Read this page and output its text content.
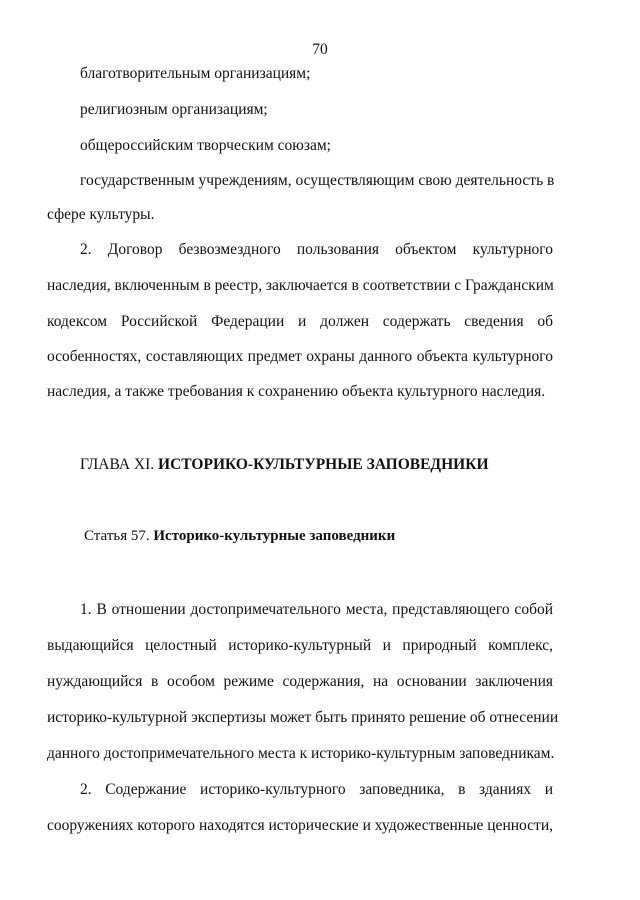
70
благотворительным организациям;
религиозным организациям;
общероссийским творческим союзам;
государственным учреждениям, осуществляющим свою деятельность в
сфере культуры.
2. Договор безвозмездного пользования объектом культурного
наследия, включенным в реестр, заключается в соответствии с Гражданским
кодексом Российской Федерации и должен содержать сведения об
особенностях, составляющих предмет охраны данного объекта культурного
наследия, а также требования к сохранению объекта культурного наследия.
ГЛАВА XI. ИСТОРИКО-КУЛЬТУРНЫЕ ЗАПОВЕДНИКИ
Статья 57. Историко-культурные заповедники
1. В отношении достопримечательного места, представляющего собой
выдающийся целостный историко-культурный и природный комплекс,
нуждающийся в особом режиме содержания, на основании заключения
историко-культурной экспертизы может быть принято решение об отнесении
данного достопримечательного места к историко-культурным заповедникам.
2. Содержание историко-культурного заповедника, в зданиях и
сооружениях которого находятся исторические и художественные ценности,
